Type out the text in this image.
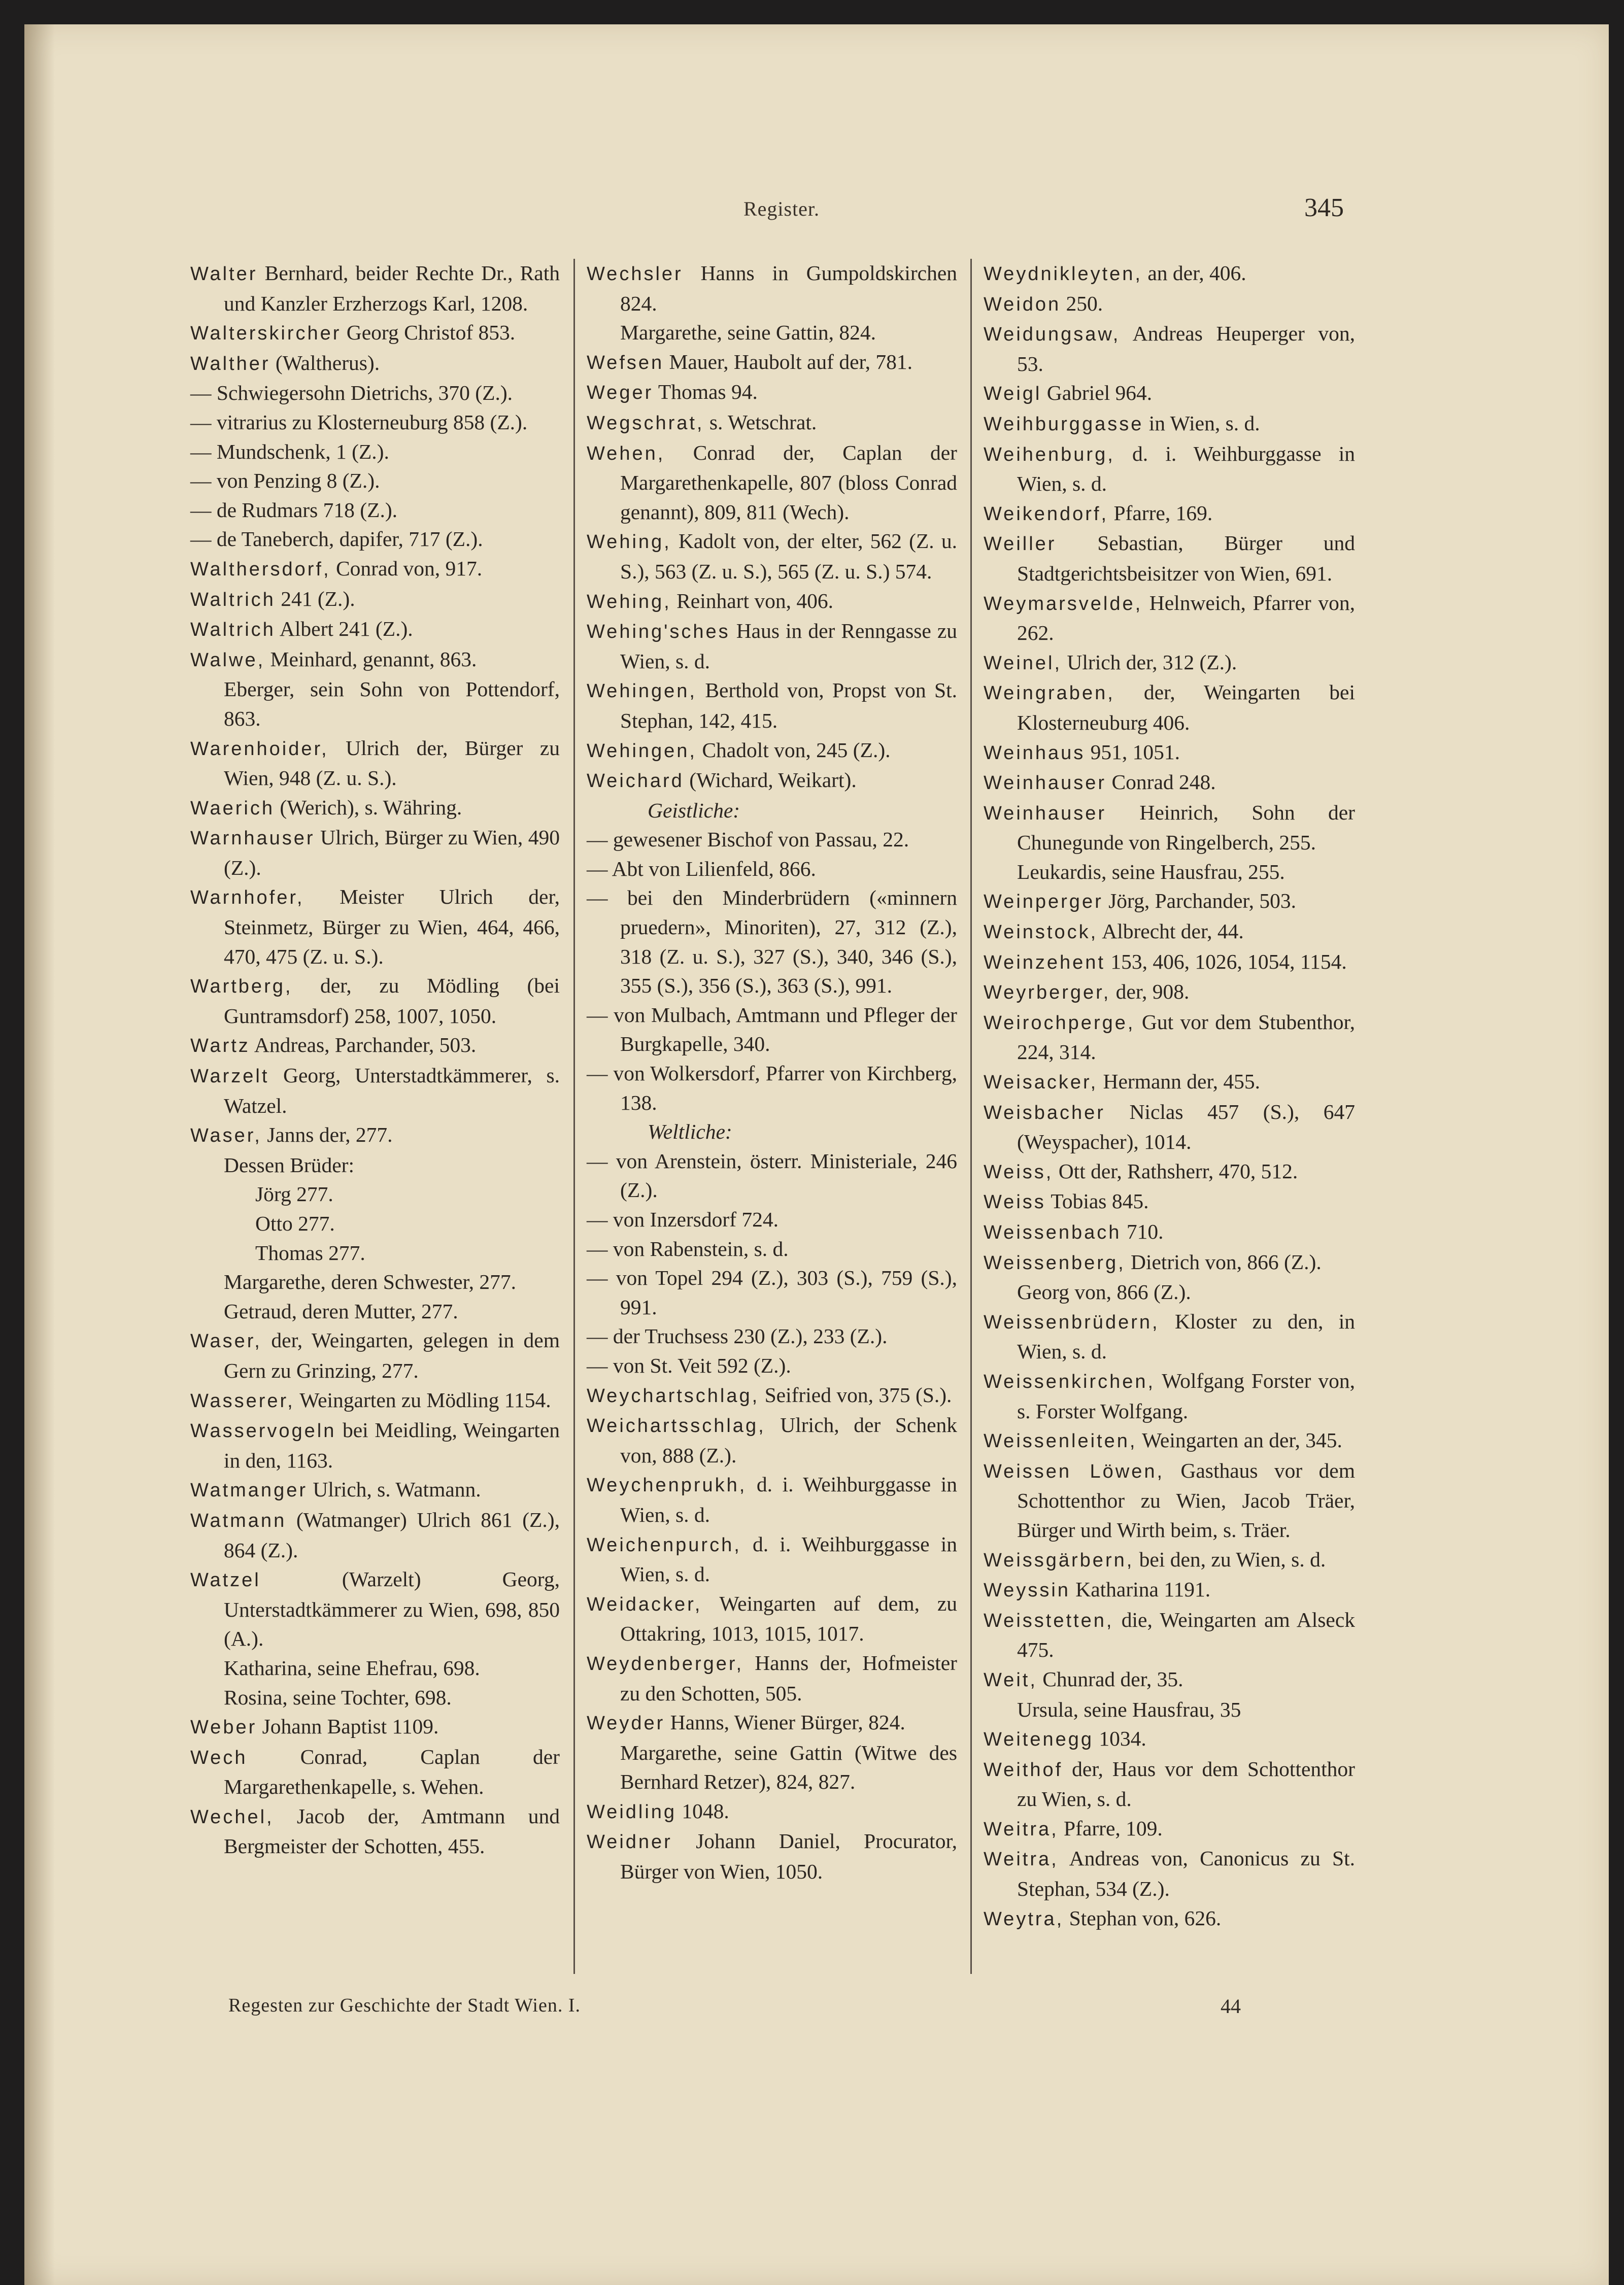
Register.	345
Walter Bernhard, beider Rechte Dr., Rath und Kanzler Erzherzogs Karl, 1208.
Walterskircher Georg Christof 853.
Walther (Waltherus).
— Schwiegersohn Dietrichs, 370 (Z.).
— vitrarius zu Klosterneuburg 858 (Z.).
— Mundschenk, 1 (Z.).
— von Penzing 8 (Z.).
— de Rudmars 718 (Z.).
— de Taneberch, dapifer, 717 (Z.).
Walthersdorf, Conrad von, 917.
Waltrich 241 (Z.).
Waltrich Albert 241 (Z.).
Walwe, Meinhard, genannt, 863.
Eberger, sein Sohn von Pottendorf, 863.
Warenhoider, Ulrich der, Bürger zu Wien, 948 (Z. u. S.).
Waerich (Werich), s. Währing.
Warnhauser Ulrich, Bürger zu Wien, 490 (Z.).
Warnhofer, Meister Ulrich der, Steinmetz, Bürger zu Wien, 464, 466, 470, 475 (Z. u. S.).
Wartberg, der, zu Mödling (bei Guntramsdorf) 258, 1007, 1050.
Wartz Andreas, Parchander, 503.
Warzelt Georg, Unterstadtkämmerer, s. Watzel.
Waser, Janns der, 277.
Dessen Brüder:
Jörg 277.
Otto 277.
Thomas 277.
Margarethe, deren Schwester, 277.
Getraud, deren Mutter, 277.
Waser, der, Weingarten, gelegen in dem Gern zu Grinzing, 277.
Wasserer, Weingarten zu Mödling 1154.
Wasservogeln bei Meidling, Weingarten in den, 1163.
Watmanger Ulrich, s. Watmann.
Watmann (Watmanger) Ulrich 861 (Z.), 864 (Z.).
Watzel (Warzelt) Georg, Unterstadtkämmerer zu Wien, 698, 850 (A.).
Katharina, seine Ehefrau, 698.
Rosina, seine Tochter, 698.
Weber Johann Baptist 1109.
Wech Conrad, Caplan der Margarethenkapelle, s. Wehen.
Wechel, Jacob der, Amtmann und Bergmeister der Schotten, 455.
Wechsler Hanns in Gumpoldskirchen 824.
Margarethe, seine Gattin, 824.
Wefsen Mauer, Haubolt auf der, 781.
Weger Thomas 94.
Wegschrat, s. Wetschrat.
Wehen, Conrad der, Caplan der Margarethenkapelle, 807 (bloss Conrad genannt), 809, 811 (Wech).
Wehing, Kadolt von, der elter, 562 (Z. u. S.), 563 (Z. u. S.), 565 (Z. u. S.) 574.
Wehing, Reinhart von, 406.
Wehing'sches Haus in der Renngasse zu Wien, s. d.
Wehingen, Berthold von, Propst von St. Stephan, 142, 415.
Wehingen, Chadolt von, 245 (Z.).
Weichard (Wichard, Weikart).
Geistliche:
— gewesener Bischof von Passau, 22.
— Abt von Lilienfeld, 866.
— bei den Minderbrüdern («minnern pruedern», Minoriten), 27, 312 (Z.), 318 (Z. u. S.), 327 (S.), 340, 346 (S.), 355 (S.), 356 (S.), 363 (S.), 991.
— von Mulbach, Amtmann und Pfleger der Burgkapelle, 340.
— von Wolkersdorf, Pfarrer von Kirchberg, 138.
Weltliche:
— von Arenstein, österr. Ministeriale, 246 (Z.).
— von Inzersdorf 724.
— von Rabenstein, s. d.
— von Topel 294 (Z.), 303 (S.), 759 (S.), 991.
— der Truchsess 230 (Z.), 233 (Z.).
— von St. Veit 592 (Z.).
Weychartschlag, Seifried von, 375 (S.).
Weichartsschlag, Ulrich, der Schenk von, 888 (Z.).
Weychenprukh, d. i. Weihburggasse in Wien, s. d.
Weichenpurch, d. i. Weihburggasse in Wien, s. d.
Weidacker, Weingarten auf dem, zu Ottakring, 1013, 1015, 1017.
Weydenberger, Hanns der, Hofmeister zu den Schotten, 505.
Weyder Hanns, Wiener Bürger, 824.
Margarethe, seine Gattin (Witwe des Bernhard Retzer), 824, 827.
Weidling 1048.
Weidner Johann Daniel, Procurator, Bürger von Wien, 1050.
Weydnikleyten, an der, 406.
Weidon 250.
Weidungsaw, Andreas Heuperger von, 53.
Weigl Gabriel 964.
Weihburggasse in Wien, s. d.
Weihenburg, d. i. Weihburggasse in Wien, s. d.
Weikendorf, Pfarre, 169.
Weiller Sebastian, Bürger und Stadtgerichtsbeisitzer von Wien, 691.
Weymarsvelde, Helnweich, Pfarrer von, 262.
Weinel, Ulrich der, 312 (Z.).
Weingraben, der, Weingarten bei Klosterneuburg 406.
Weinhaus 951, 1051.
Weinhauser Conrad 248.
Weinhauser Heinrich, Sohn der Chunegunde von Ringelberch, 255.
Leukardis, seine Hausfrau, 255.
Weinperger Jörg, Parchander, 503.
Weinstock, Albrecht der, 44.
Weinzehent 153, 406, 1026, 1054, 1154.
Weyrberger, der, 908.
Weirochperge, Gut vor dem Stubenthor, 224, 314.
Weisacker, Hermann der, 455.
Weisbacher Niclas 457 (S.), 647 (Weyspacher), 1014.
Weiss, Ott der, Rathsherr, 470, 512.
Weiss Tobias 845.
Weissenbach 710.
Weissenberg, Dietrich von, 866 (Z.).
Georg von, 866 (Z.).
Weissenbrüdern, Kloster zu den, in Wien, s. d.
Weissenkirchen, Wolfgang Forster von, s. Forster Wolfgang.
Weissenleiten, Weingarten an der, 345.
Weissen Löwen, Gasthaus vor dem Schottenthor zu Wien, Jacob Träer, Bürger und Wirth beim, s. Träer.
Weissgärbern, bei den, zu Wien, s. d.
Weyssin Katharina 1191.
Weisstetten, die, Weingarten am Alseck 475.
Weit, Chunrad der, 35.
Ursula, seine Hausfrau, 35
Weitenegg 1034.
Weithof der, Haus vor dem Schottenthor zu Wien, s. d.
Weitra, Pfarre, 109.
Weitra, Andreas von, Canonicus zu St. Stephan, 534 (Z.).
Weytra, Stephan von, 626.
Regesten zur Geschichte der Stadt Wien. I.	44
